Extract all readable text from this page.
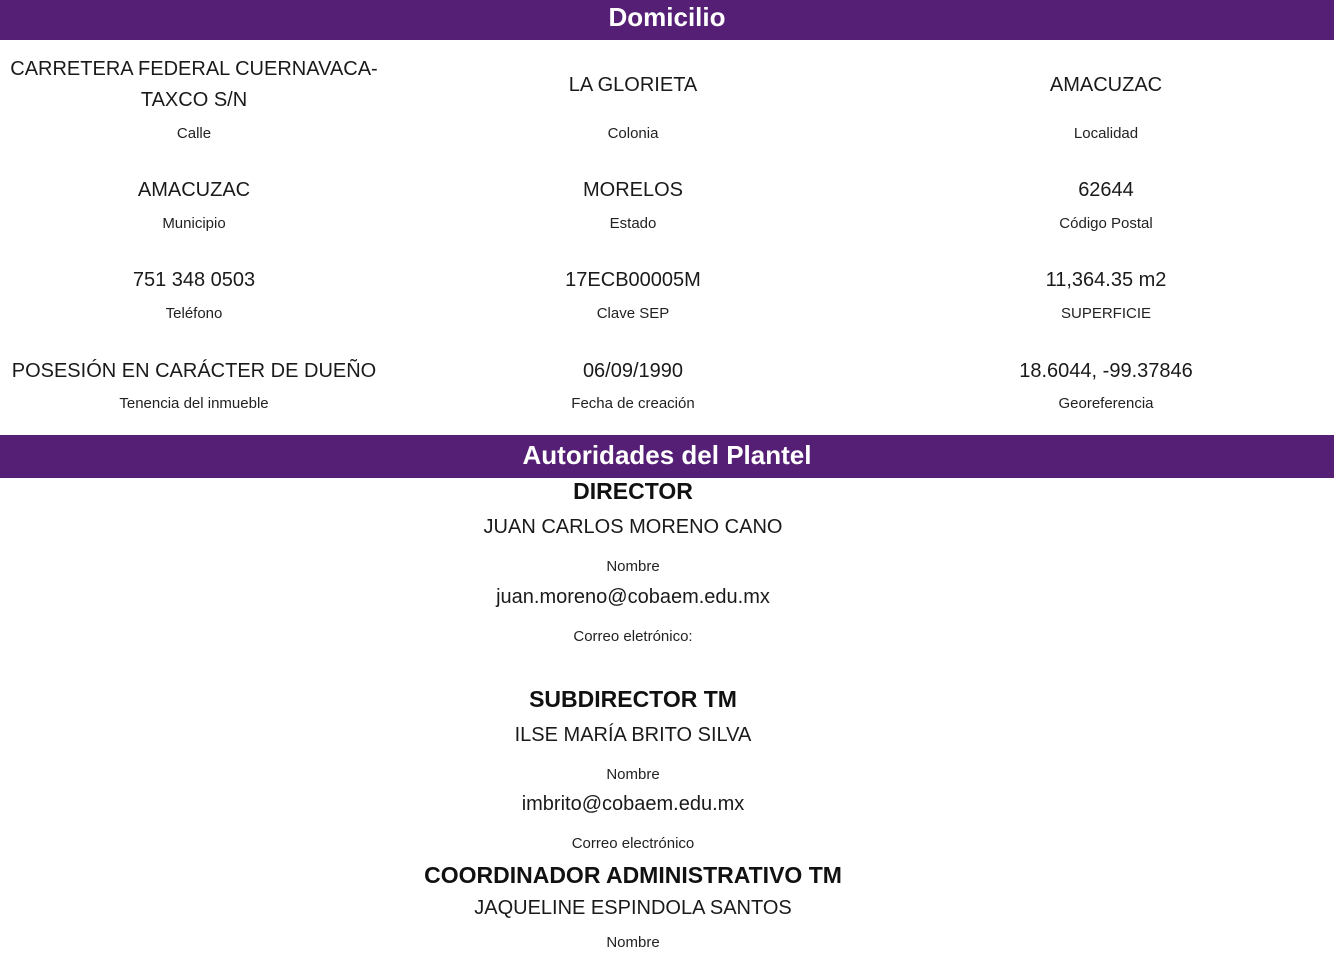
Domicilio
CARRETERA FEDERAL CUERNAVACA-TAXCO S/N
Calle
LA GLORIETA
Colonia
AMACUZAC
Localidad
AMACUZAC
Municipio
MORELOS
Estado
62644
Código Postal
751 348 0503
Teléfono
17ECB00005M
Clave SEP
11,364.35 m2
SUPERFICIE
POSESIÓN EN CARÁCTER DE DUEÑO
Tenencia del inmueble
06/09/1990
Fecha de creación
18.6044, -99.37846
Georeferencia
Autoridades del Plantel
DIRECTOR
JUAN CARLOS MORENO CANO
Nombre
juan.moreno@cobaem.edu.mx
Correo eletrónico:
SUBDIRECTOR TM
ILSE MARÍA BRITO SILVA
Nombre
imbrito@cobaem.edu.mx
Correo electrónico
COORDINADOR ADMINISTRATIVO TM
JAQUELINE ESPINDOLA SANTOS
Nombre
